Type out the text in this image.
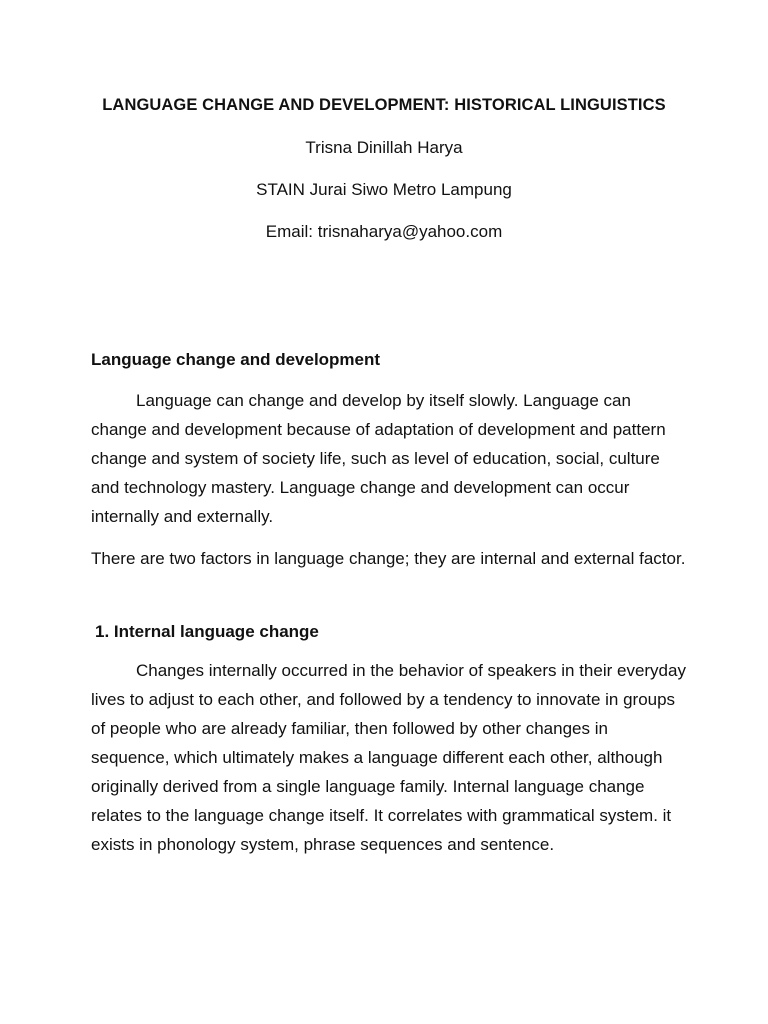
LANGUAGE CHANGE AND DEVELOPMENT: HISTORICAL LINGUISTICS
Trisna Dinillah Harya
STAIN Jurai Siwo Metro Lampung
Email: trisnaharya@yahoo.com
Language change and development

Language can change and develop by itself slowly. Language can change and development because of adaptation of development and pattern change and system of society life, such as level of education, social, culture and technology mastery. Language change and development can occur internally and externally.

There are two factors in language change; they are internal and external factor.

1. Internal language change

Changes internally occurred in the behavior of speakers in their everyday lives to adjust to each other, and followed by a tendency to innovate in groups of people who are already familiar, then followed by other changes in sequence, which ultimately makes a language different each other, although originally derived from a single language family. Internal language change relates to the language change itself. It correlates with grammatical system. it exists in phonology system, phrase sequences and sentence.
